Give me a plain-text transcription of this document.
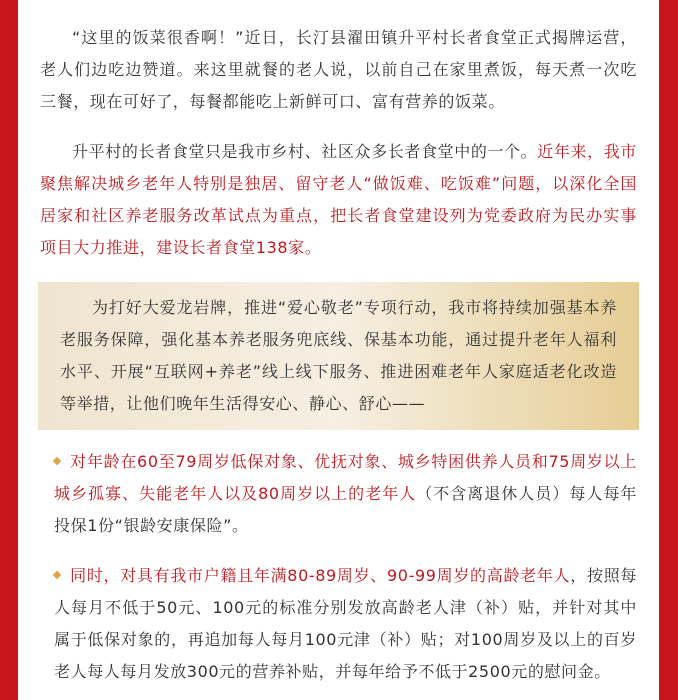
“这里的饭菜很香啊！”近日，长汀县濯田镇升平村长者食堂正式揭牌运营，老人们边吃边赞道。来这里就餐的老人说，以前自己在家里煮饭，每天煮一次吃三餐，现在可好了，每餐都能吃上新鲜可口、富有营养的饭菜。

升平村的长者食堂只是我市乡村、社区众多长者食堂中的一个。近年来，我市聚焦解决城乡老年人特别是独居、留守老人“做饭难、吃饭难”问题，以深化全国居家和社区养老服务改革试点为重点，把长者食堂建设列为党委政府为民办实事项目大力推进，建设长者食堂138家。

为打好大爱龙岩牌，推进“爱心敬老”专项行动，我市将持续加强基本养老服务保障，强化基本养老服务兜底线、保基本功能，通过提升老年人福利水平、开展“互联网+养老”线上线下服务、推进困难老年人家庭适老化改造等举措，让他们晚年生活得安心、静心、舒心——

对年龄在60至79周岁低保对象、优抚对象、城乡特困供养人员和75周岁以上城乡孤寡、失能老年人以及80周岁以上的老年人（不含离退休人员）每人每年投保1份“银龄安康保险”。

同时，对具有我市户籍且年满80-89周岁、90-99周岁的高龄老年人，按照每人每月不低于50元、100元的标准分别发放高龄老人津（补）贴，并针对其中属于低保对象的，再追加每人每月100元津（补）贴；对100周岁及以上的百岁老人每人每月发放300元的营养补贴，并每年给予不低于2500元的慰问金。
